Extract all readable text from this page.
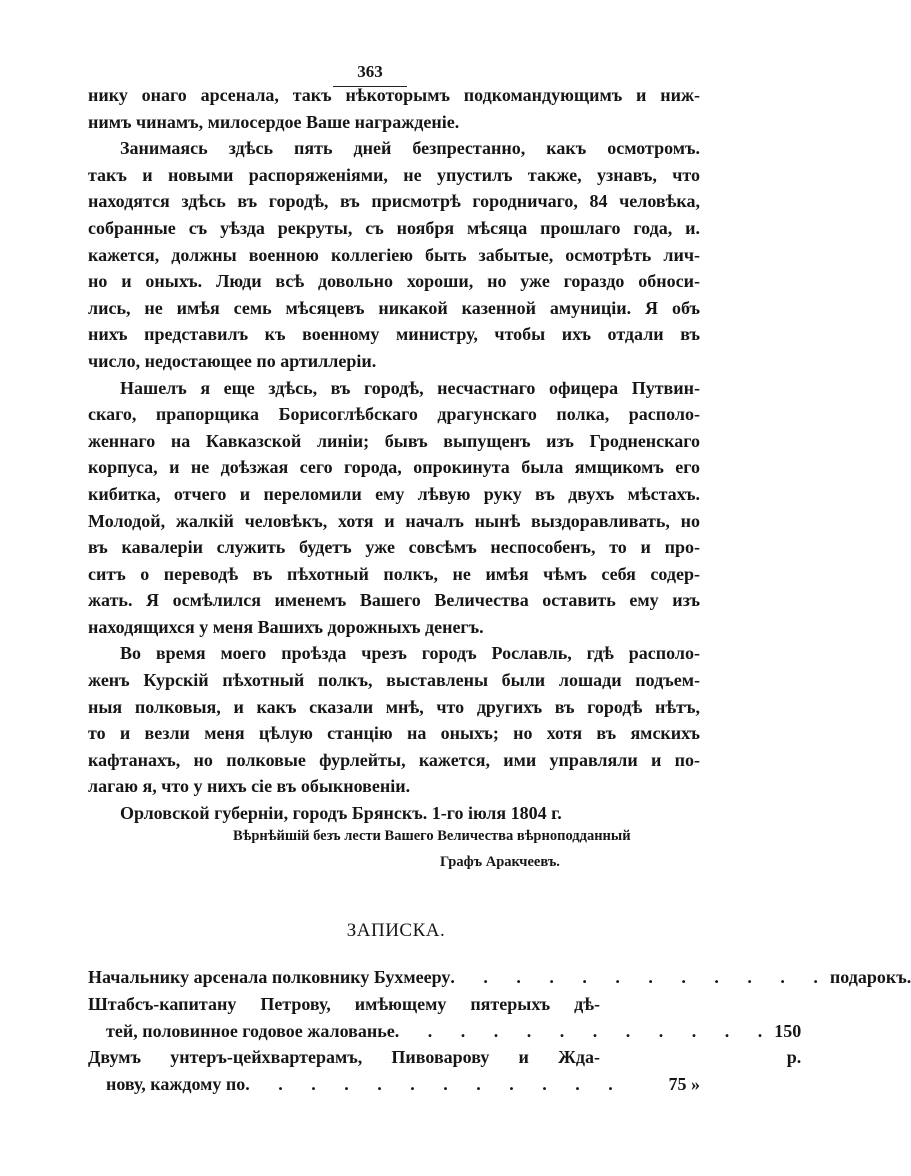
363
нику онаго арсенала, такъ нѣкоторымъ подкомандующимъ и ниж-
нимъ чинамъ, милосердое Ваше награжденіе.
Занимаясь здѣсь пять дней безпрестанно, какъ осмотромъ.
такъ и новыми распоряженіями, не упустилъ также, узнавъ, что
находятся здѣсь въ городѣ, въ присмотрѣ городничаго, 84 человѣка,
собранные съ уѣзда рекруты, съ ноября мѣсяца прошлаго года, и.
кажется, должны военною коллегіею быть забытые, осмотрѣть лич-
но и оныхъ. Люди всѣ довольно хороши, но уже гораздо обноси-
лись, не имѣя семь мѣсяцевъ никакой казенной амуниціи. Я объ
нихъ представилъ къ военному министру, чтобы ихъ отдали въ
число, недостающее по артиллеріи.
Нашелъ я еще здѣсь, въ городѣ, несчастнаго офицера Путвин-
скаго, прапорщика Борисоглѣбскаго драгунскаго полка, располо-
женнаго на Кавказской линіи; бывъ выпущенъ изъ Гродненскаго
корпуса, и не доѣзжая сего города, опрокинута была ямщикомъ его
кибитка, отчего и переломили ему лѣвую руку въ двухъ мѣстахъ.
Молодой, жалкій человѣкъ, хотя и началъ нынѣ выздоравливать, но
въ кавалеріи служить будетъ уже совсѣмъ неспособенъ, то и про-
ситъ о переводѣ въ пѣхотный полкъ, не имѣя чѣмъ себя содер-
жать. Я осмѣлился именемъ Вашего Величества оставить ему изъ
находящихся у меня Вашихъ дорожныхъ денегъ.
Во время моего проѣзда чрезъ городъ Рославль, гдѣ располо-
женъ Курскій пѣхотный полкъ, выставлены были лошади подъем-
ныя полковыя, и какъ сказали мнѣ, что другихъ въ городѣ нѣтъ,
то и везли меня цѣлую станцію на оныхъ; но хотя въ ямскихъ
кафтанахъ, но полковые фурлейты, кажется, ими управляли и по-
лагаю я, что у нихъ сіе въ обыкновеніи.
Орловской губерніи, городъ Брянскъ. 1-го іюля 1804 г.
Вѣрнѣйшій безъ лести Вашего Величества вѣрноподданный
Графъ Аракчеевъ.
ЗАПИСКА.
Начальнику арсенала полковнику Бухмееру . . . . . . . . . . . . подарокъ.
Штабсъ-капитану Петрову, имѣющему пятерыхъ дѣ-
тей, половинное годовое жалованье . . . . . . . . . . . . 150 р.
Двумъ унтеръ-цейхвартерамъ, Пивоварову и Жда-
нову, каждому по . . . . . . . . . . . .	75 »
